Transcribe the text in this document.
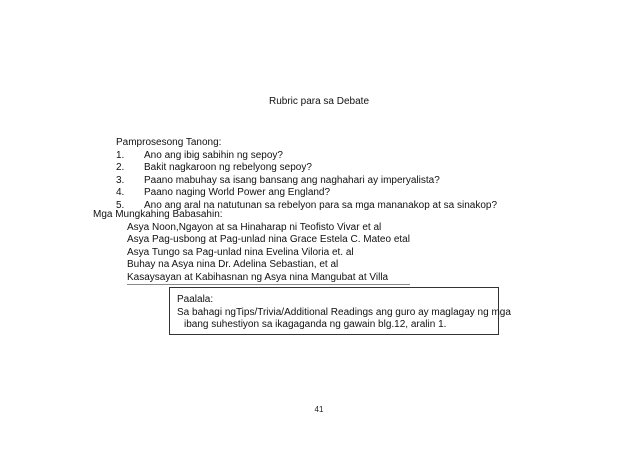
Rubric para sa Debate
Pamprosesong Tanong:
1. Ano ang ibig sabihin ng sepoy?
2. Bakit nagkaroon ng rebelyong sepoy?
3. Paano mabuhay sa isang bansang ang naghahari ay imperyalista?
4. Paano naging World Power ang England?
5. Ano ang aral na natutunan sa rebelyon para sa mga mananakop at sa sinakop?
Mga Mungkahing Babasahin:
Asya Noon,Ngayon at sa Hinaharap ni Teofisto Vivar et al
Asya Pag-usbong at Pag-unlad nina Grace Estela C. Mateo etal
Asya Tungo sa Pag-unlad nina Evelina Viloria et. al
Buhay na Asya nina Dr. Adelina Sebastian, et al
Kasaysayan at Kabihasnan ng Asya nina Mangubat at Villa
Paalala:
Sa bahagi ngTips/Trivia/Additional Readings ang guro ay maglagay ng mga
ibang suhestiyon sa ikagaganda ng gawain blg.12, aralin 1.
41
